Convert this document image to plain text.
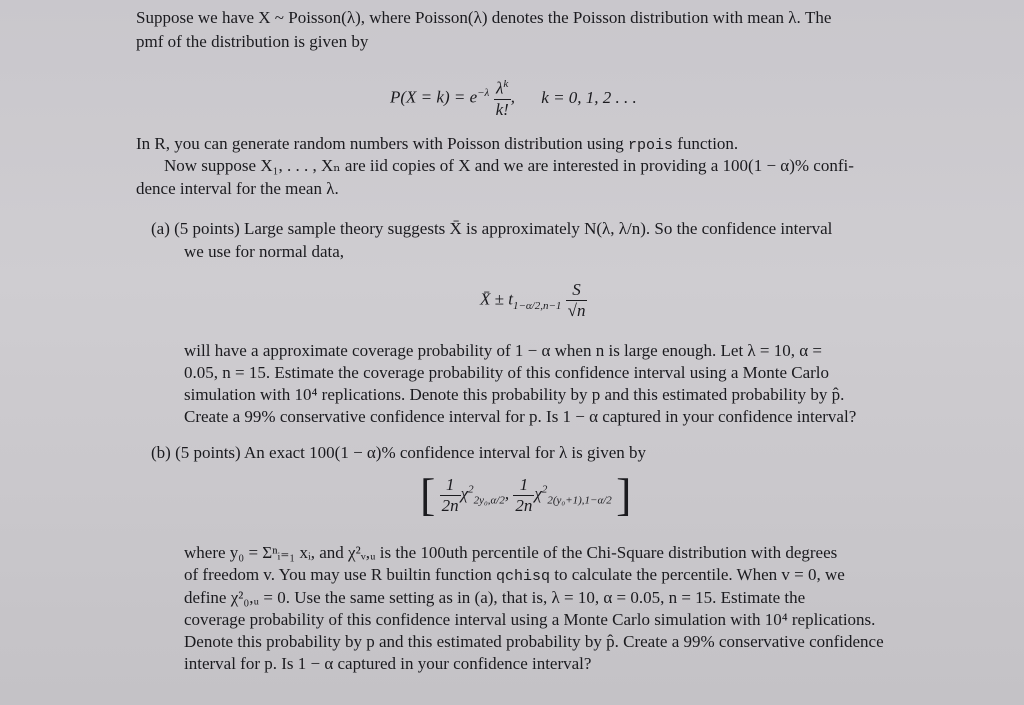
Suppose we have X ~ Poisson(λ), where Poisson(λ) denotes the Poisson distribution with mean λ. The
pmf of the distribution is given by
$P(X = k) = e^{-\lambda} \frac{\lambda^k}{k!}$ , k = 0, 1, 2 . . .
In R, you can generate random numbers with Poisson distribution using rpois function.
Now suppose X₁, . . . , Xₙ are iid copies of X and we are interested in providing a 100(1 − α)% confi-
dence interval for the mean λ.
(a) (5 points) Large sample theory suggests X̄ is approximately N(λ, λ/n). So the confidence interval
we use for normal data,
X̄ ± $t_{1-\alpha/2,n-1} \frac{S}{√n}$
will have a approximate coverage probability of 1 − α when n is large enough. Let λ = 10, α =
0.05, n = 15. Estimate the coverage probability of this confidence interval using a Monte Carlo
simulation with 10⁴ replications. Denote this probability by p and this estimated probability by p̂.
Create a 99% conservative confidence interval for p. Is 1 − α captured in your confidence interval?
(b) (5 points) An exact 100(1 − α)% confidence interval for λ is given by
[ $\frac{1}{2n} \chi^2_{2y_0,\alpha/2}$, $\frac{1}{2n} \chi^2_{2(y_0+1),1-\alpha/2}$ ]
where y₀ = Σⁿᵢ₌₁ xᵢ, and χ²ᵥ,ᵤ is the 100uth percentile of the Chi-Square distribution with degrees
of freedom v. You may use R builtin function qchisq to calculate the percentile. When v = 0, we
define χ²₀,ᵤ = 0. Use the same setting as in (a), that is, λ = 10, α = 0.05, n = 15. Estimate the
coverage probability of this confidence interval using a Monte Carlo simulation with 10⁴ replications.
Denote this probability by p and this estimated probability by p̂. Create a 99% conservative confidence
interval for p. Is 1 − α captured in your confidence interval?
